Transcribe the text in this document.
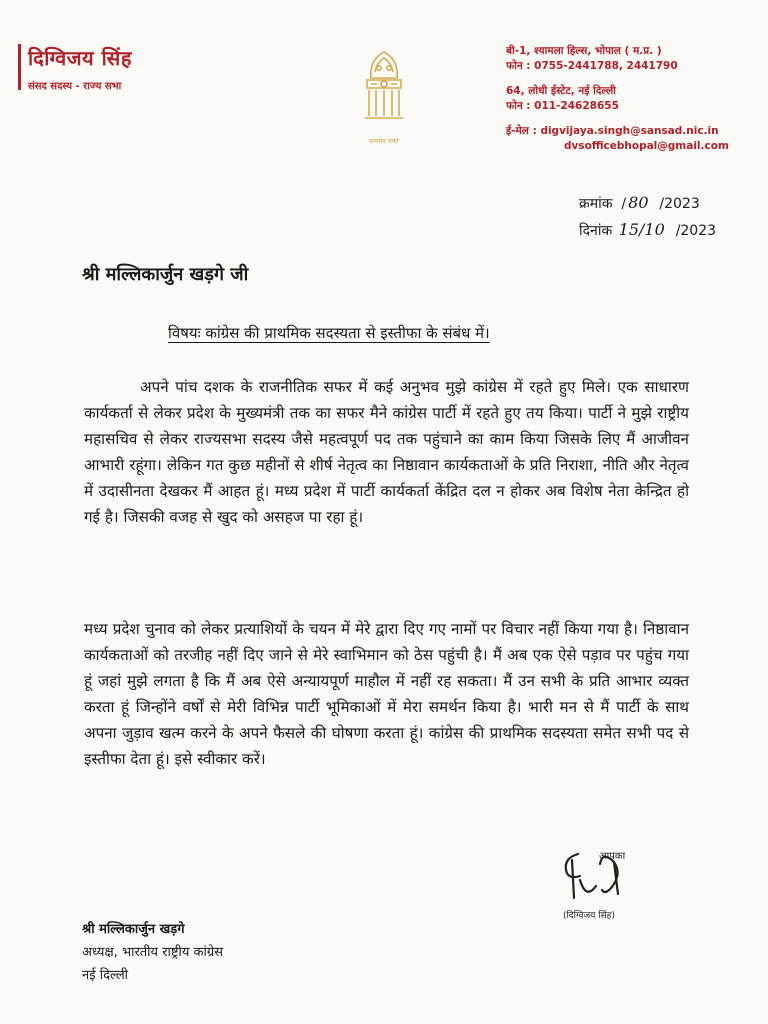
दिग्विजय सिंह
संसद सदस्य - राज्य सभा
सत्यमेव जयते
बी-1, श्यामला हिल्स, भोपाल ( म.प्र. )
फोन : 0755-2441788, 2441790
64, लोधी ईस्टेट, नई दिल्ली
फोन : 011-24628655
ई-मेल :
digvijaya.singh@sansad.nic.in
dvsofficebhopal@gmail.com
क्रमांक  / 80 /2023
दिनांक 15/10 /2023
श्री मल्लिकार्जुन खड़गे जी
विषयः कांग्रेस की प्राथमिक सदस्यता से इस्तीफा के संबंध में।
अपने पांच दशक के राजनीतिक सफर में कई अनुभव मुझे कांग्रेस में रहते हुए मिले। एक साधारण कार्यकर्ता से लेकर प्रदेश के मुख्यमंत्री तक का सफर मैने कांग्रेस पार्टी में रहते हुए तय किया। पार्टी ने मुझे राष्ट्रीय महासचिव से लेकर राज्यसभा सदस्य जैसे महत्वपूर्ण पद तक पहुंचाने का काम किया जिसके लिए मैं आजीवन आभारी रहूंगा। लेकिन गत कुछ महीनों से शीर्ष नेतृत्व का निष्ठावान कार्यकताओं के प्रति निराशा, नीति और नेतृत्व में उदासीनता देखकर मैं आहत हूं। मध्य प्रदेश में पार्टी कार्यकर्ता केंद्रित दल न होकर अब विशेष नेता केन्द्रित हो गई है। जिसकी वजह से खुद को असहज पा रहा हूं।
मध्य प्रदेश चुनाव को लेकर प्रत्याशियों के चयन में मेरे द्वारा दिए गए नामों पर विचार नहीं किया गया है। निष्ठावान कार्यकताओं को तरजीह नहीं दिए जाने से मेरे स्वाभिमान को ठेस पहुंची है। मैं अब एक ऐसे पड़ाव पर पहुंच गया हूं जहां मुझे लगता है कि मैं अब ऐसे अन्यायपूर्ण माहौल में नहीं रह सकता। मैं उन सभी के प्रति आभार व्यक्त करता हूं जिन्होंने वर्षों से मेरी विभिन्न पार्टी भूमिकाओं में मेरा समर्थन किया है। भारी मन से मैं पार्टी के साथ अपना जुड़ाव खत्म करने के अपने फैसले की घोषणा करता हूं। कांग्रेस की प्राथमिक सदस्यता समेत सभी पद से इस्तीफा देता हूं। इसे स्वीकार करें।
आपका
(दिग्विजय सिंह)
श्री मल्लिकार्जुन खड़गे
अध्यक्ष, भारतीय राष्ट्रीय कांग्रेस
नई दिल्ली
